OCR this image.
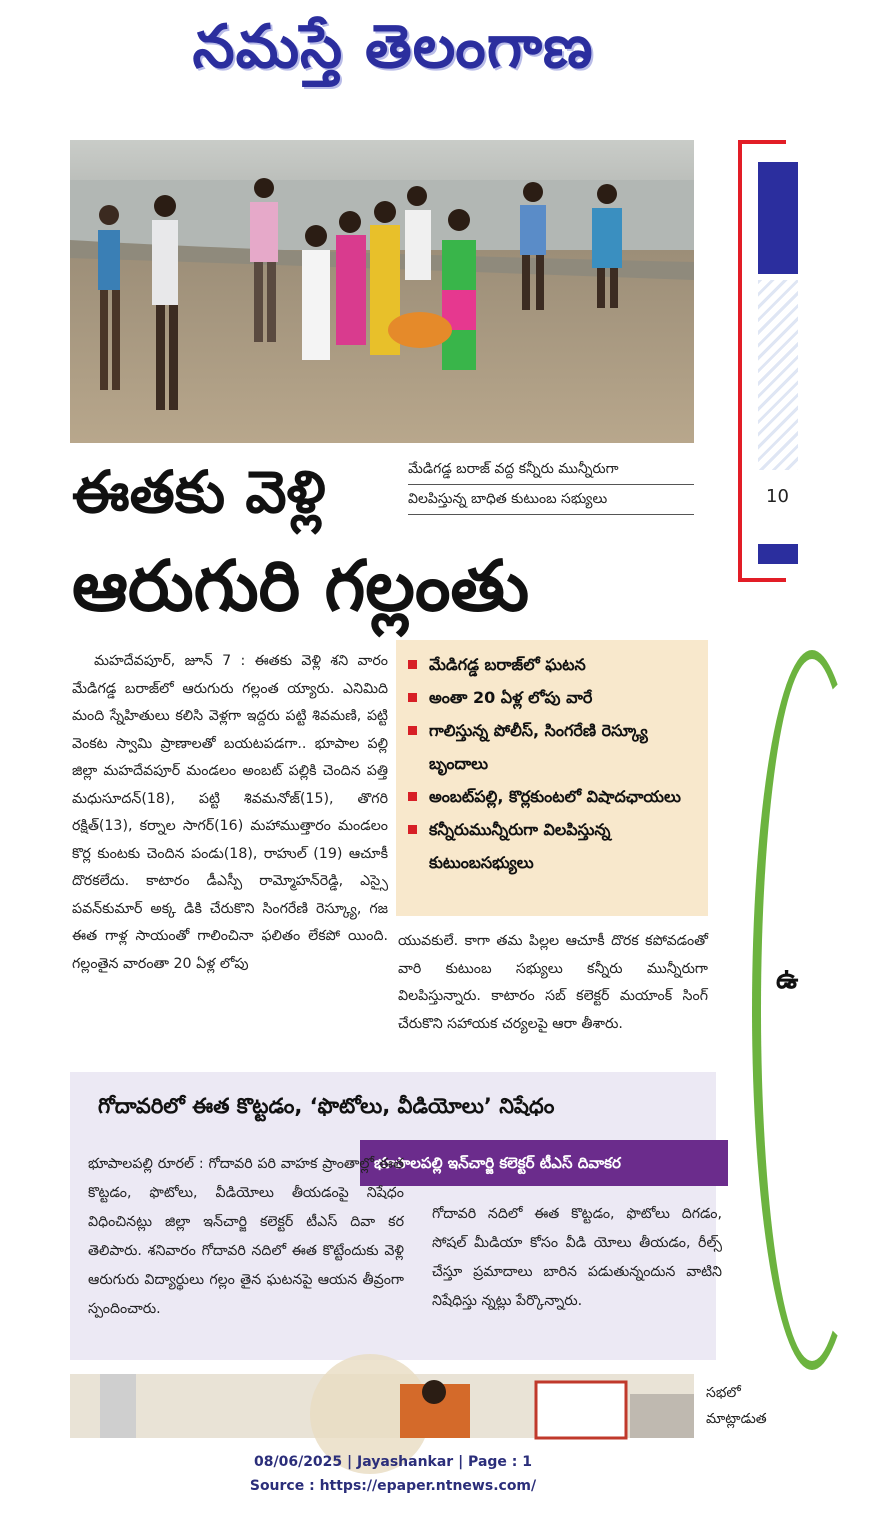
నమస్తే తెలంగాణ
మేడిగడ్డ బరాజ్ వద్ద కన్నీరు మున్నీరుగా
విలపిస్తున్న బాధిత కుటుంబ సభ్యులు
ఈతకు వెళ్లి
ఆరుగురి గల్లంతు

మహదేవపూర్, జూన్ 7 : ఈతకు వెళ్లి శని వారం మేడిగడ్డ బరాజ్‌లో ఆరుగురు గల్లంత య్యారు. ఎనిమిది మంది స్నేహితులు కలిసి వెళ్లగా ఇద్దరు పట్టి శివమణి, పట్టి వెంకట స్వామి ప్రాణాలతో బయటపడగా.. భూపాల పల్లి జిల్లా మహదేవపూర్ మండలం అంబట్ పల్లికి చెందిన పత్తి మధుసూదన్(18), పట్టి శివమనోజ్(15), తొగరి రక్షిత్(13), కర్నాల సాగర్(16) మహాముత్తారం మండలం కొర్ల కుంటకు చెందిన పండు(18), రాహుల్ (19) ఆచూకీ దొరకలేదు. కాటారం డీఎస్పీ రామ్మోహన్‌రెడ్డి, ఎస్సై పవన్‌కుమార్ అక్క డికి చేరుకొని సింగరేణి రెస్క్యూ, గజ ఈత గాళ్ల సాయంతో గాలించినా ఫలితం లేకపో యింది. గల్లంతైన వారంతా 20 ఏళ్ల లోపు

మేడిగడ్డ బరాజ్‌లో ఘటన
అంతా 20 ఏళ్ల లోపు వారే
గాలిస్తున్న పోలీస్, సింగరేణి రెస్క్యూ బృందాలు
అంబట్‌పల్లి, కొర్లకుంటలో విషాదఛాయలు
కన్నీరుమున్నీరుగా విలపిస్తున్న కుటుంబసభ్యులు
యువకులే. కాగా తమ పిల్లల ఆచూకీ దొరక కపోవడంతో వారి కుటుంబ సభ్యులు కన్నీరు మున్నీరుగా విలపిస్తున్నారు. కాటారం సబ్ కలెక్టర్ మయాంక్ సింగ్ చేరుకొని సహాయక చర్యలపై ఆరా తీశారు.
గోదావరిలో ఈత కొట్టడం, ‘ఫొటోలు, వీడియోలు’ నిషేధం
భూపాలపల్లి ఇన్‌చార్జి కలెక్టర్ టీఎస్ దివాకర
భూపాలపల్లి రూరల్ : గోదావరి పరి వాహక ప్రాంతాల్లో ఈత కొట్టడం, ఫొటోలు, వీడియోలు తీయడంపై నిషేధం విధించినట్లు జిల్లా ఇన్‌చార్జి కలెక్టర్ టీఎస్ దివా కర తెలిపారు. శనివారం గోదావరి నదిలో ఈత కొట్టేందుకు వెళ్లి ఆరుగురు విద్యార్థులు గల్లం తైన ఘటనపై ఆయన తీవ్రంగా స్పందించారు.
గోదావరి నదిలో ఈత కొట్టడం, ఫొటోలు దిగడం, సోషల్ మీడియా కోసం వీడి యోలు తీయడం, రీల్స్ చేస్తూ ప్రమాదాలు బారిన పడుతున్నందున వాటిని నిషేధిస్తు న్నట్లు పేర్కొన్నారు.
10
ఉ
సభలో
మాట్లాడుత
08/06/2025 | Jayashankar | Page : 1
Source : https://epaper.ntnews.com/
